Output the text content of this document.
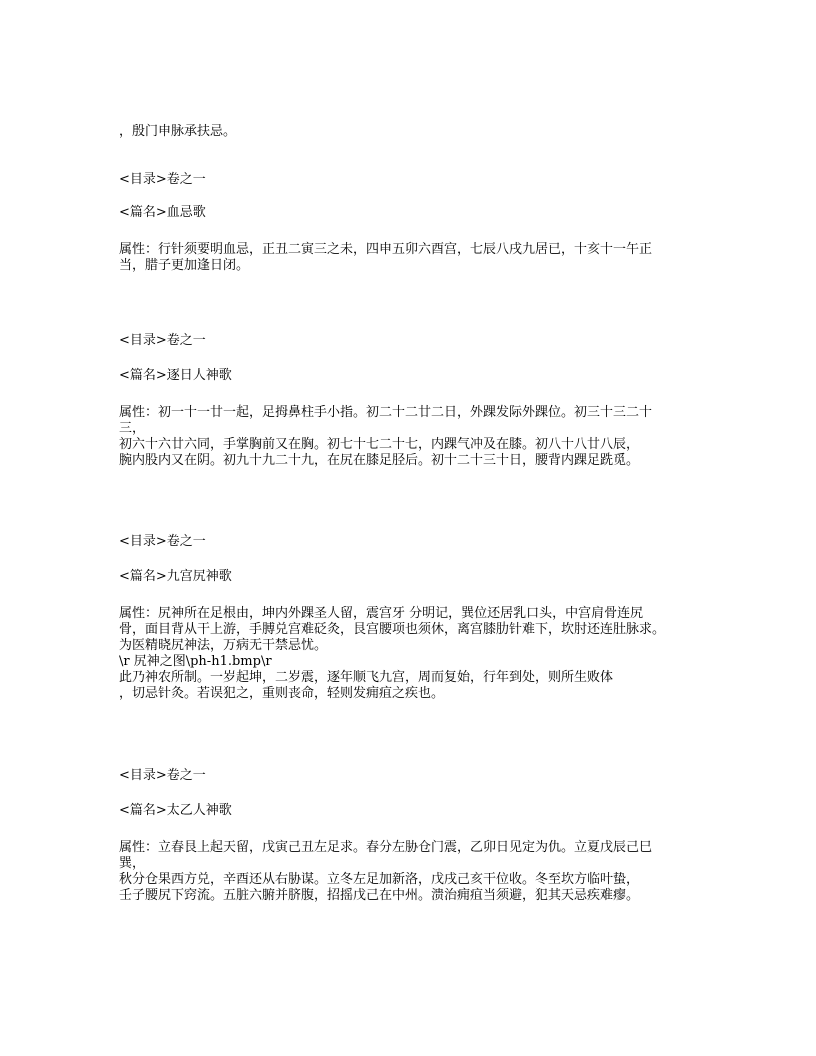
，殷门申脉承扶忌。
<目录>卷之一
<篇名>血忌歌
属性：行针须要明血忌，正丑二寅三之未，四申五卯六酉宫，七辰八戌九居已，十亥十一午正
当，腊子更加逢日闭。
<目录>卷之一
<篇名>逐日人神歌
属性：初一十一廿一起，足拇鼻柱手小指。初二十二廿二日，外踝发际外踝位。初三十三二十
三，
初六十六廿六同，手掌胸前又在胸。初七十七二十七，内踝气冲及在膝。初八十八廿八辰，
腕内股内又在阴。初九十九二十九，在尻在膝足胫后。初十二十三十日，腰背内踝足跣觅。
<目录>卷之一
<篇名>九宫尻神歌
属性：尻神所在足根由，坤内外踝圣人留，震宫牙 分明记，巽位还居乳口头，中宫肩骨连尻
骨，面目背从干上游，手膊兑宫难砭灸，艮宫腰项也须休，离宫膝肋针难下，坎肘还连肚脉求。
为医精晓尻神法，万病无干禁忌忧。
\r 尻神之图\ph-h1.bmp\r
此乃神农所制。一岁起坤，二岁震，逐年顺飞九宫，周而复始，行年到处，则所生败体
，切忌针灸。若误犯之，重则丧命，轻则发痈疽之疾也。
<目录>卷之一
<篇名>太乙人神歌
属性：立春艮上起天留，戊寅己丑左足求。春分左胁仓门震，乙卯日见定为仇。立夏戊辰己巳
巽，
秋分仓果西方兑，辛酉还从右胁谋。立冬左足加新洛，戊戌己亥干位收。冬至坎方临叶蛰，
壬子腰尻下窍流。五脏六腑并脐腹，招摇戊己在中州。溃治痈疽当须避，犯其天忌疾难瘳。
